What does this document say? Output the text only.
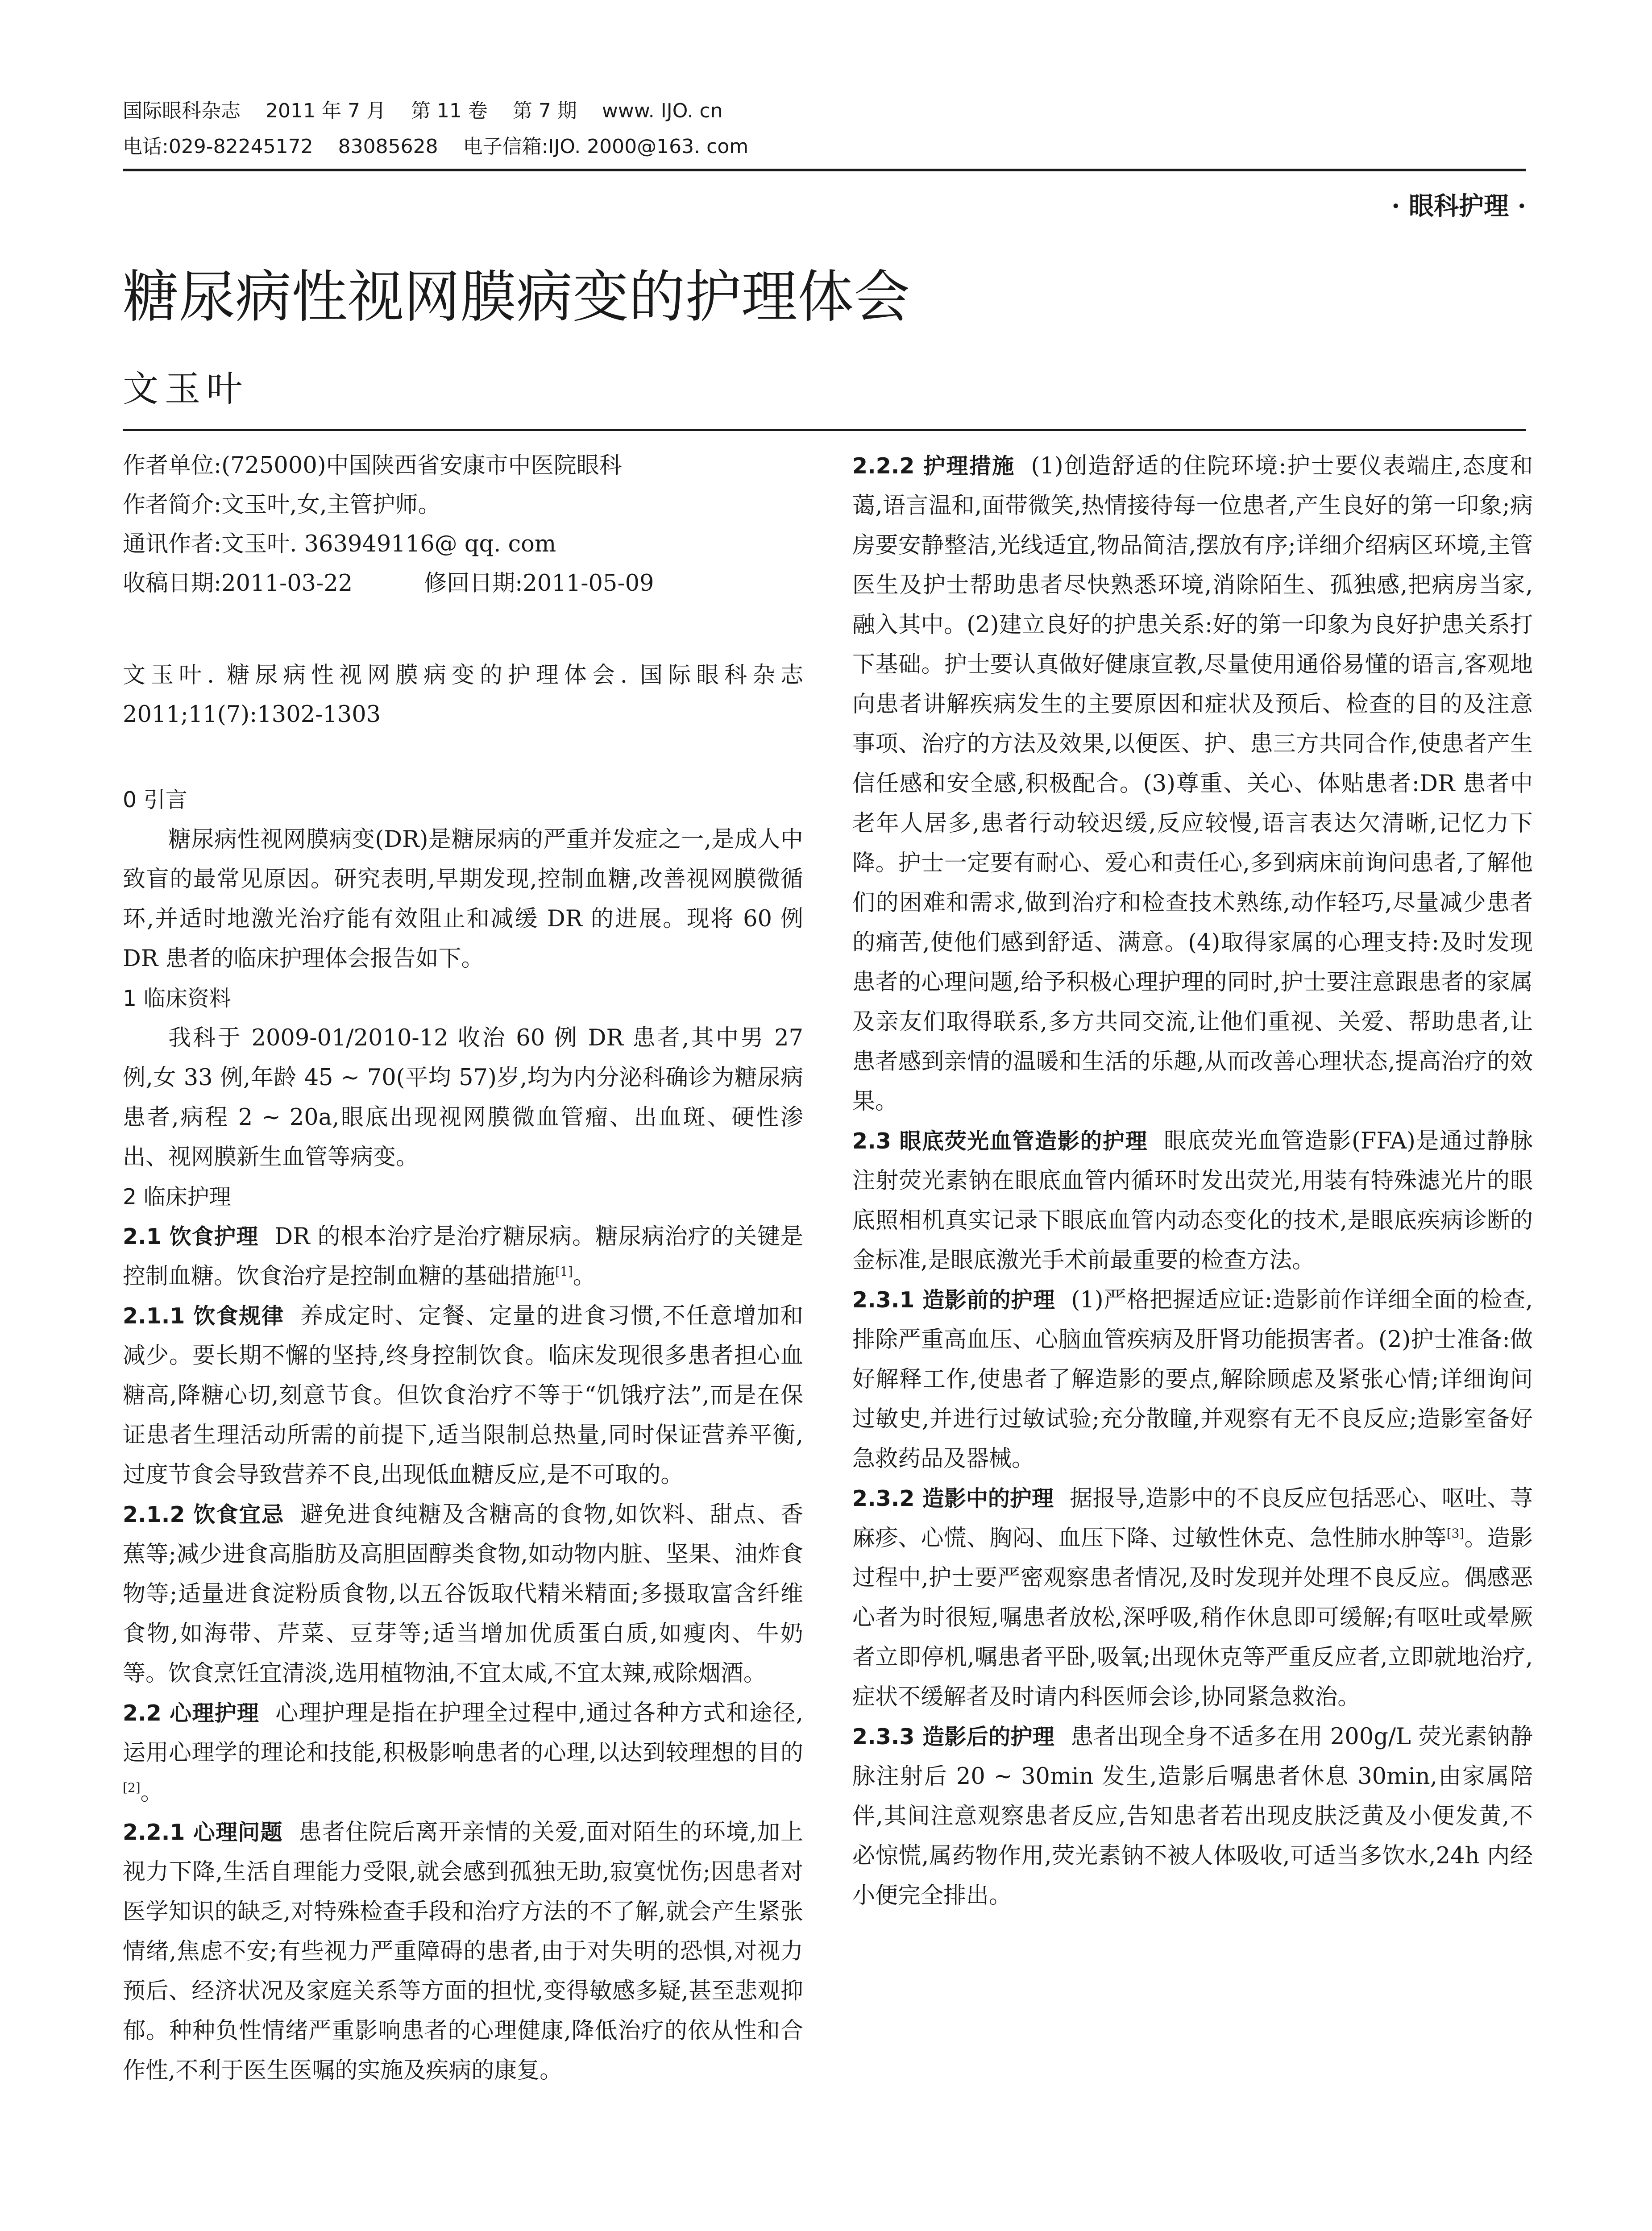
国际眼科杂志 2011 年 7 月 第 11 卷 第 7 期 www. IJO. cn
电话:029-82245172 83085628 电子信箱:IJO. 2000@163. com
· 眼科护理 ·
糖尿病性视网膜病变的护理体会
文玉叶

作者单位:(725000)中国陕西省安康市中医院眼科

作者简介:文玉叶,女,主管护师。

通讯作者:文玉叶. 363949116@ qq. com

收稿日期:2011-03-22	修回日期:2011-05-09

文玉叶. 糖尿病性视网膜病变的护理体会. 国际眼科杂志 2011;11(7):1302-1303

0 引言

糖尿病性视网膜病变(DR)是糖尿病的严重并发症之一,是成人中致盲的最常见原因。研究表明,早期发现,控制血糖,改善视网膜微循环,并适时地激光治疗能有效阻止和减缓 DR 的进展。现将 60 例 DR 患者的临床护理体会报告如下。

1 临床资料

我科于 2009-01/2010-12 收治 60 例 DR 患者,其中男 27 例,女 33 例,年龄 45 ~ 70(平均 57)岁,均为内分泌科确诊为糖尿病患者,病程 2 ~ 20a,眼底出现视网膜微血管瘤、出血斑、硬性渗出、视网膜新生血管等病变。

2 临床护理

2.1 饮食护理 DR 的根本治疗是治疗糖尿病。糖尿病治疗的关键是控制血糖。饮食治疗是控制血糖的基础措施[1]。

2.1.1 饮食规律 养成定时、定餐、定量的进食习惯,不任意增加和减少。要长期不懈的坚持,终身控制饮食。临床发现很多患者担心血糖高,降糖心切,刻意节食。但饮食治疗不等于“饥饿疗法”,而是在保证患者生理活动所需的前提下,适当限制总热量,同时保证营养平衡,过度节食会导致营养不良,出现低血糖反应,是不可取的。

2.1.2 饮食宜忌 避免进食纯糖及含糖高的食物,如饮料、甜点、香蕉等;减少进食高脂肪及高胆固醇类食物,如动物内脏、坚果、油炸食物等;适量进食淀粉质食物,以五谷饭取代精米精面;多摄取富含纤维食物,如海带、芹菜、豆芽等;适当增加优质蛋白质,如瘦肉、牛奶等。饮食烹饪宜清淡,选用植物油,不宜太咸,不宜太辣,戒除烟酒。

2.2 心理护理 心理护理是指在护理全过程中,通过各种方式和途径,运用心理学的理论和技能,积极影响患者的心理,以达到较理想的目的[2]。

2.2.1 心理问题 患者住院后离开亲情的关爱,面对陌生的环境,加上视力下降,生活自理能力受限,就会感到孤独无助,寂寞忧伤;因患者对医学知识的缺乏,对特殊检查手段和治疗方法的不了解,就会产生紧张情绪,焦虑不安;有些视力严重障碍的患者,由于对失明的恐惧,对视力预后、经济状况及家庭关系等方面的担忧,变得敏感多疑,甚至悲观抑郁。种种负性情绪严重影响患者的心理健康,降低治疗的依从性和合作性,不利于医生医嘱的实施及疾病的康复。

2.2.2 护理措施 (1)创造舒适的住院环境:护士要仪表端庄,态度和蔼,语言温和,面带微笑,热情接待每一位患者,产生良好的第一印象;病房要安静整洁,光线适宜,物品简洁,摆放有序;详细介绍病区环境,主管医生及护士帮助患者尽快熟悉环境,消除陌生、孤独感,把病房当家,融入其中。(2)建立良好的护患关系:好的第一印象为良好护患关系打下基础。护士要认真做好健康宣教,尽量使用通俗易懂的语言,客观地向患者讲解疾病发生的主要原因和症状及预后、检查的目的及注意事项、治疗的方法及效果,以便医、护、患三方共同合作,使患者产生信任感和安全感,积极配合。(3)尊重、关心、体贴患者:DR 患者中老年人居多,患者行动较迟缓,反应较慢,语言表达欠清晰,记忆力下降。护士一定要有耐心、爱心和责任心,多到病床前询问患者,了解他们的困难和需求,做到治疗和检查技术熟练,动作轻巧,尽量减少患者的痛苦,使他们感到舒适、满意。(4)取得家属的心理支持:及时发现患者的心理问题,给予积极心理护理的同时,护士要注意跟患者的家属及亲友们取得联系,多方共同交流,让他们重视、关爱、帮助患者,让患者感到亲情的温暖和生活的乐趣,从而改善心理状态,提高治疗的效果。

2.3 眼底荧光血管造影的护理 眼底荧光血管造影(FFA)是通过静脉注射荧光素钠在眼底血管内循环时发出荧光,用装有特殊滤光片的眼底照相机真实记录下眼底血管内动态变化的技术,是眼底疾病诊断的金标准,是眼底激光手术前最重要的检查方法。

2.3.1 造影前的护理 (1)严格把握适应证:造影前作详细全面的检查,排除严重高血压、心脑血管疾病及肝肾功能损害者。(2)护士准备:做好解释工作,使患者了解造影的要点,解除顾虑及紧张心情;详细询问过敏史,并进行过敏试验;充分散瞳,并观察有无不良反应;造影室备好急救药品及器械。

2.3.2 造影中的护理 据报导,造影中的不良反应包括恶心、呕吐、荨麻疹、心慌、胸闷、血压下降、过敏性休克、急性肺水肿等[3]。造影过程中,护士要严密观察患者情况,及时发现并处理不良反应。偶感恶心者为时很短,嘱患者放松,深呼吸,稍作休息即可缓解;有呕吐或晕厥者立即停机,嘱患者平卧,吸氧;出现休克等严重反应者,立即就地治疗,症状不缓解者及时请内科医师会诊,协同紧急救治。

2.3.3 造影后的护理 患者出现全身不适多在用 200g/L 荧光素钠静脉注射后 20 ~ 30min 发生,造影后嘱患者休息 30min,由家属陪伴,其间注意观察患者反应,告知患者若出现皮肤泛黄及小便发黄,不必惊慌,属药物作用,荧光素钠不被人体吸收,可适当多饮水,24h 内经小便完全排出。
